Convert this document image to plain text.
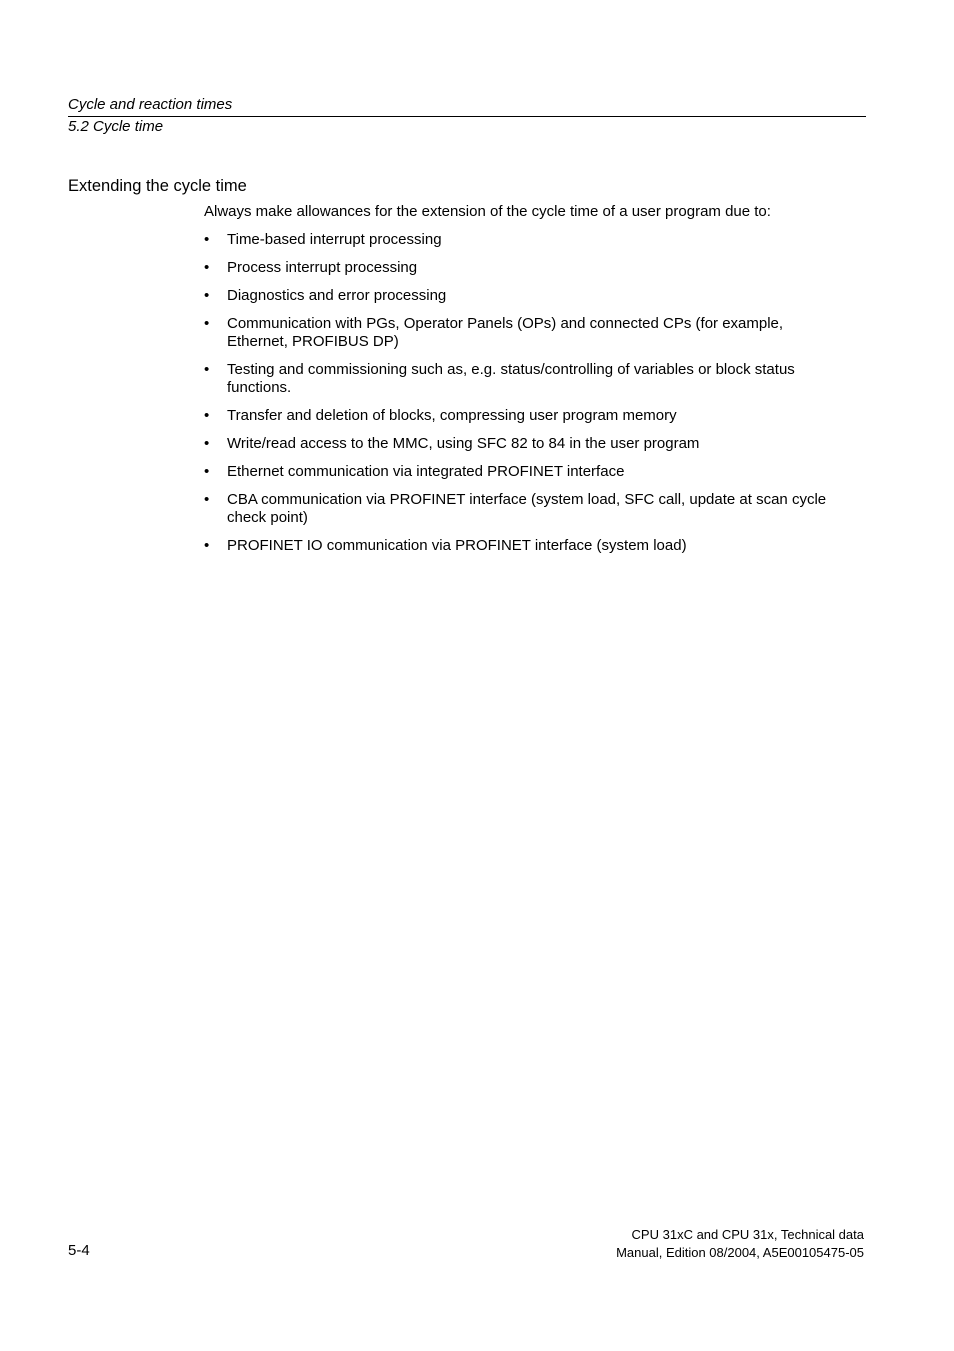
Cycle and reaction times
5.2 Cycle time
Extending the cycle time

Always make allowances for the extension of the cycle time of a user program due to:

• Time-based interrupt processing
• Process interrupt processing
• Diagnostics and error processing
• Communication with PGs, Operator Panels (OPs) and connected CPs (for example, Ethernet, PROFIBUS DP)
• Testing and commissioning such as, e.g. status/controlling of variables or block status functions.
• Transfer and deletion of blocks, compressing user program memory
• Write/read access to the MMC, using SFC 82 to 84 in the user program
• Ethernet communication via integrated PROFINET interface
• CBA communication via PROFINET interface (system load, SFC call, update at scan cycle check point)
• PROFINET IO communication via PROFINET interface (system load)
5-4
CPU 31xC and CPU 31x, Technical data
Manual, Edition 08/2004, A5E00105475-05
